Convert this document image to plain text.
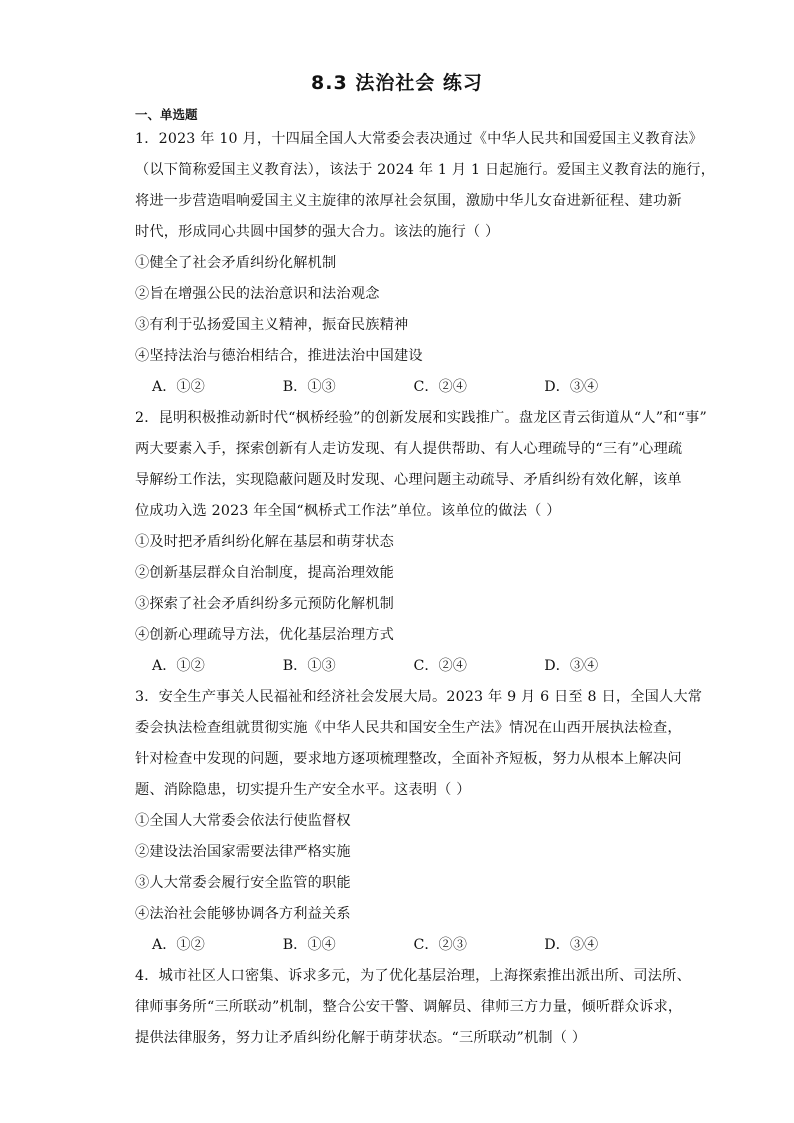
8.3 法治社会 练习
一、单选题
1．2023 年 10 月，十四届全国人大常委会表决通过《中华人民共和国爱国主义教育法》
（以下简称爱国主义教育法），该法于 2024 年 1 月 1 日起施行。爱国主义教育法的施行，
将进一步营造唱响爱国主义主旋律的浓厚社会氛围，激励中华儿女奋进新征程、建功新
时代，形成同心共圆中国梦的强大合力。该法的施行（ ）
①健全了社会矛盾纠纷化解机制
②旨在增强公民的法治意识和法治观念
③有利于弘扬爱国主义精神，振奋民族精神
④坚持法治与德治相结合，推进法治中国建设
A．①②	B．①③	C．②④	D．③④
2．昆明积极推动新时代“枫桥经验”的创新发展和实践推广。盘龙区青云街道从“人”和“事”
两大要素入手，探索创新有人走访发现、有人提供帮助、有人心理疏导的“三有”心理疏
导解纷工作法，实现隐蔽问题及时发现、心理问题主动疏导、矛盾纠纷有效化解，该单
位成功入选 2023 年全国“枫桥式工作法”单位。该单位的做法（ ）
①及时把矛盾纠纷化解在基层和萌芽状态
②创新基层群众自治制度，提高治理效能
③探索了社会矛盾纠纷多元预防化解机制
④创新心理疏导方法，优化基层治理方式
A．①②	B．①③	C．②④	D．③④
3．安全生产事关人民福祉和经济社会发展大局。2023 年 9 月 6 日至 8 日，全国人大常
委会执法检查组就贯彻实施《中华人民共和国安全生产法》情况在山西开展执法检查，
针对检查中发现的问题，要求地方逐项梳理整改，全面补齐短板，努力从根本上解决问
题、消除隐患，切实提升生产安全水平。这表明（ ）
①全国人大常委会依法行使监督权
②建设法治国家需要法律严格实施
③人大常委会履行安全监管的职能
④法治社会能够协调各方利益关系
A．①②	B．①④	C．②③	D．③④
4．城市社区人口密集、诉求多元，为了优化基层治理，上海探索推出派出所、司法所、
律师事务所“三所联动”机制，整合公安干警、调解员、律师三方力量，倾听群众诉求，
提供法律服务，努力让矛盾纠纷化解于萌芽状态。“三所联动”机制（ ）
